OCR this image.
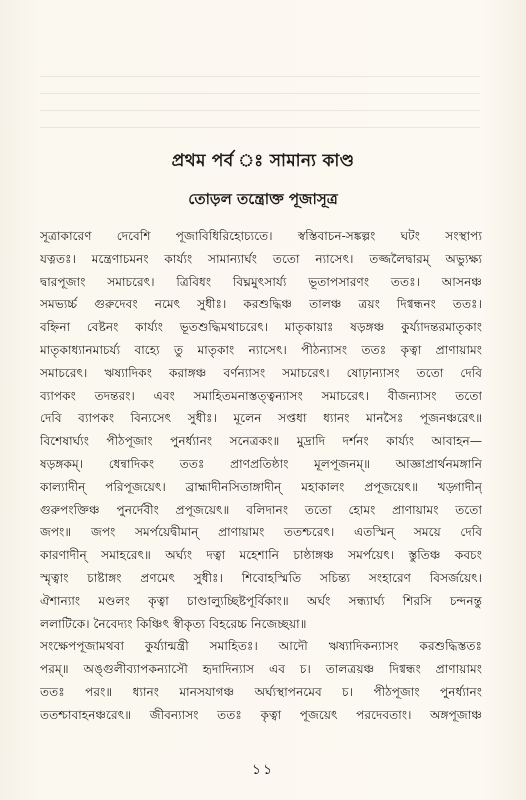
প্রথম পর্ব ঃ সামান্য কাণ্ড
তোড়ল তন্ত্রোক্ত পূজাসূত্র
সূত্রাকারেণ দেবেশি পূজাবিধিরিহোচ্যতে। স্বস্তিবাচন-সঙ্কল্পং ঘটং সংস্থাপ্য
যত্নতঃ। মন্ত্রেণাচমনং কার্য্যং সামান্যার্ঘং ততো ন্যাসেৎ। তজ্জলৈদ্বারম্ অভ্যুক্ষ্য
দ্বারপূজাং সমাচরেৎ। ত্রিবিধং বিঘ্নমুৎসার্য্য ভূতাপসারণং ততঃ। আসনঞ্চ
সমভ্যর্চ্চ গুরুদেবং নমেৎ সুধীঃ। করশুদ্ধিঞ্চ তালঞ্চ ত্রয়ং দিগ্বন্ধনং ততঃ।
বহ্নিনা বেষ্টনং কার্য্যং ভূতশুদ্ধিমথাচরেৎ। মাতৃকায়াঃ ষড়ঙ্গঞ্চ কুর্য্যাদন্তরমাতৃকাং
মাতৃকাধ্যানমাচর্য্য বাহ্যে তু মাতৃকাং ন্যাসেৎ। পীঠন্যাসং ততঃ কৃত্বা প্রাণায়ামং
সমাচরেৎ। ঋষ্যাদিকং করাঙ্গঞ্চ বর্ণন্যাসং সমাচরেৎ। ষোঢ়ান্যাসং ততো দেবি
ব্যাপকং তদন্তরং। এবং সমাহিতমনাস্তত্ত্বন্যাসং সমাচরেৎ। বীজন্যাসং ততো
দেবি ব্যাপকং বিন্যসেৎ সুধীঃ। মূলেন সপ্তধা ধ্যানং মানসৈঃ পূজনঞ্চরেৎ॥
বিশেষার্ঘ্যং পীঠপূজাং পুনর্ধ্যানং সনেত্রকং॥ মুদ্রাদি দর্শনং কার্য্যং আবাহন—
ষড়ঙ্গকম্। ধেন্বাদিকং ততঃ প্রাণপ্রতিষ্ঠাং মূলপূজনম্॥ আজ্ঞাপ্রার্থনমঙ্গানি
কাল্যাদীন্ পরিপূজয়েৎ। ব্রাহ্মাদীনসিতাঙ্গাদীন্ মহাকালং প্রপূজয়েৎ॥ খড়্গাদীন্
গুরুপংক্তিঞ্চ পুনর্দেবীং প্রপূজয়েৎ॥ বলিদানং ততো হোমং প্রাণায়ামং ততো
জপং॥ জপং সমর্পয়েদ্বীমান্ প্রাণায়ামং ততশ্চরেৎ। এতস্মিন্ সময়ে দেবি
কারণাদীন্ সমাহরেৎ॥ অর্ঘ্যং দত্বা মহেশানি চাষ্ঠাঙ্গঞ্চ সমর্পয়েৎ। স্তুতিঞ্চ কবচং
স্মৃত্বাং চাষ্টাঙ্গং প্রণমেৎ সুধীঃ। শিবোহস্মিতি সচিন্ত্য সংহারেণ বিসর্জয়েৎ।
ঐশান্যাং মণ্ডলং কৃত্বা চাণ্ডাল্যুচ্ছিষ্টপূর্বিকাং॥ অর্ঘং সন্ধ্যার্ঘ্য শিরসি চন্দনন্তু
ললাটিকে। নৈবেদ্যং কিঞ্চিৎ স্বীকৃত্য বিহরেচ্চ নিজেচ্ছয়া॥
সংক্ষেপপূজামথবা কুর্য্যান্মন্ত্রী সমাহিতঃ। আদৌ ঋষ্যাদিকন্যাসং করশুদ্ধিস্ততঃ
পরম্॥ অঙ্গুলীব্যাপকন্যাসৌ হৃদাদিন্যাস এব চ। তালত্রয়ঞ্চ দিগ্বন্ধং প্রাণায়ামং
ততঃ পরং॥ ধ্যানং মানসযাগঞ্চ অর্ঘ্যস্থাপনমেব চ। পীঠপূজাং পুনর্ধ্যানং
ততশ্চাবাহনঞ্চরেৎ॥ জীবন্যাসং ততঃ কৃত্বা পূজয়েৎ পরদেবতাং। অঙ্গপূজাঞ্চ
১১
